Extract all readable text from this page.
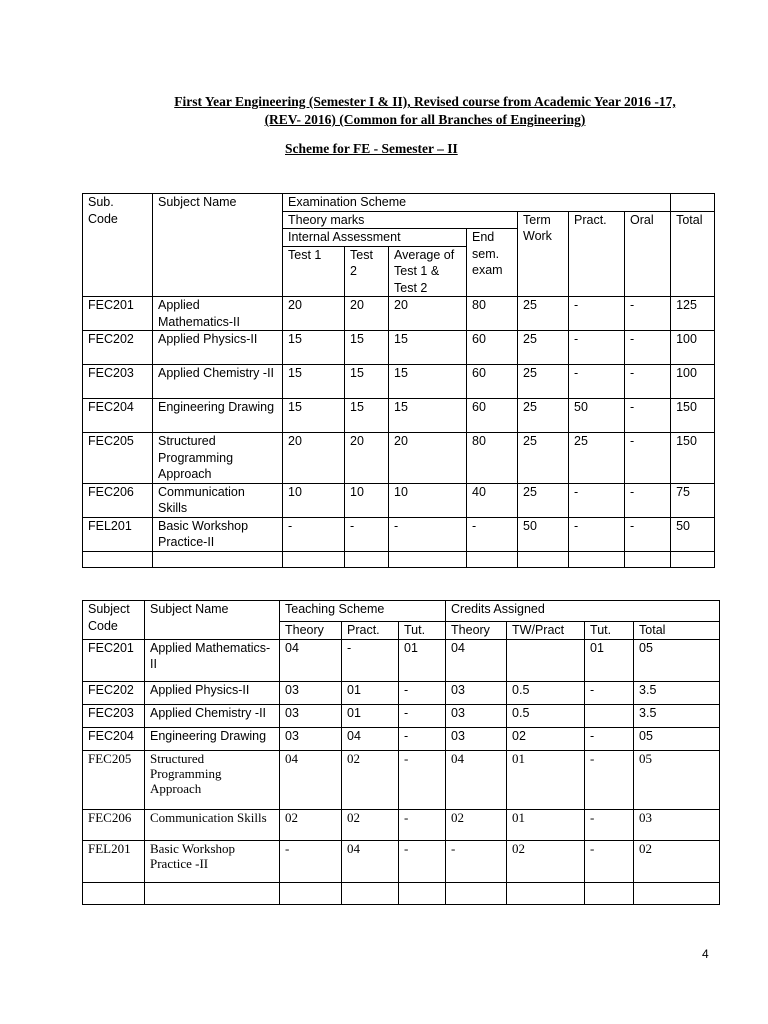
First Year Engineering (Semester I & II), Revised course from Academic Year 2016 -17,
(REV- 2016) (Common for all Branches of Engineering)
Scheme for FE - Semester – II
Sub. Code	Subject Name	Examination Scheme							
		Theory marks				Term Work	Pract.	Oral	Total
		Internal Assessment			End sem. exam				
		Test 1	Test 2	Average of Test 1 & Test 2					
FEC201	Applied Mathematics-II	20	20	20	80	25	-	-	125
FEC202	Applied Physics-II	15	15	15	60	25	-	-	100
FEC203	Applied Chemistry -II	15	15	15	60	25	-	-	100
FEC204	Engineering Drawing	15	15	15	60	25	50	-	150
FEC205	Structured Programming Approach	20	20	20	80	25	25	-	150
FEC206	Communication Skills	10	10	10	40	25	-	-	75
FEL201	Basic Workshop Practice-II	-	-	-	-	50	-	-	50

Subject Code	Subject Name	Teaching Scheme			Credits Assigned			
		Theory	Pract.	Tut.	Theory	TW/Pract	Tut.	Total
FEC201	Applied Mathematics-II	04	-	01	04		01	05
FEC202	Applied Physics-II	03	01	-	03	0.5	-	3.5
FEC203	Applied Chemistry -II	03	01	-	03	0.5		3.5
FEC204	Engineering Drawing	03	04	-	03	02	-	05
FEC205	Structured Programming Approach	04	02	-	04	01	-	05
FEC206	Communication Skills	02	02	-	02	01	-	03
FEL201	Basic Workshop Practice -II	-	04	-	-	02	-	02

4
